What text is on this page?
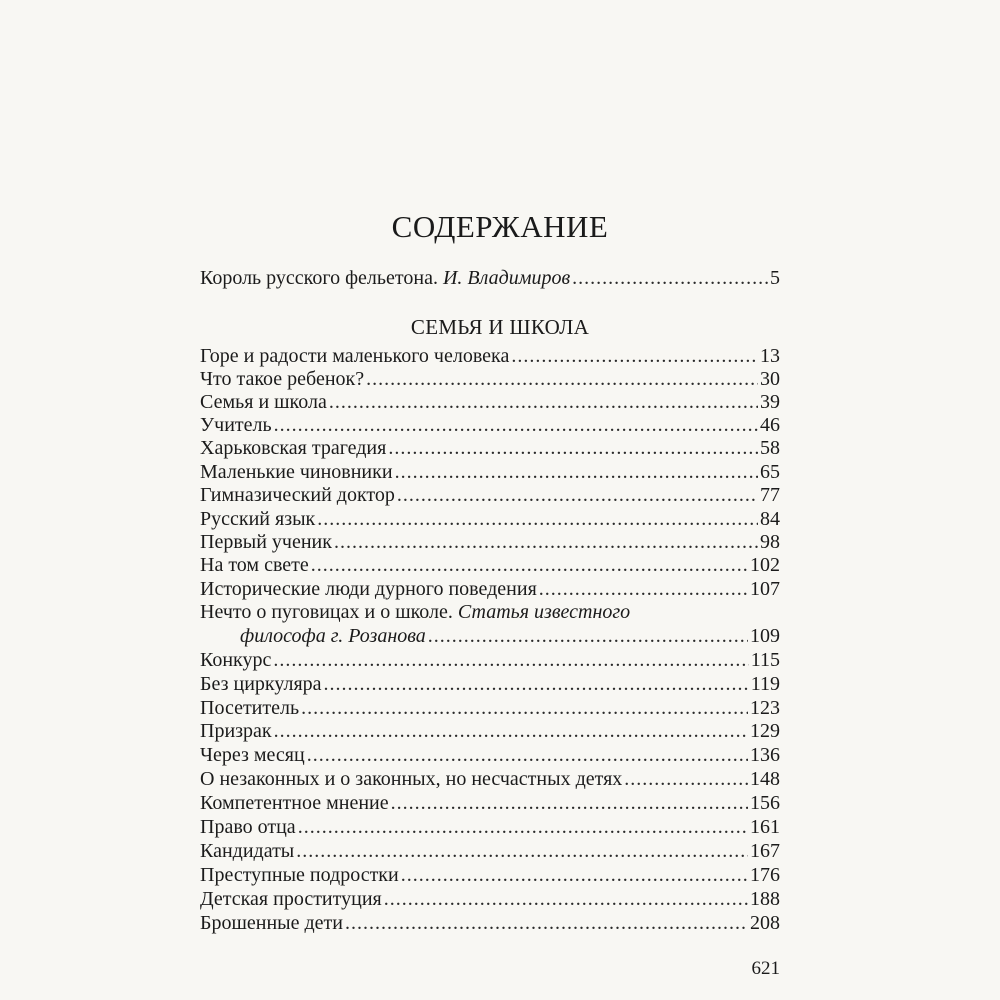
СОДЕРЖАНИЕ
Король русского фельетона. И. Владимиров .....	5
СЕМЬЯ И ШКОЛА
Горе и радости маленького человека .....	13
Что такое ребенок? .....	30
Семья и школа .....	39
Учитель .....	46
Харьковская трагедия .....	58
Маленькие чиновники .....	65
Гимназический доктор .....	77
Русский язык .....	84
Первый ученик .....	98
На том свете .....	102
Исторические люди дурного поведения .....	107
Нечто о пуговицах и о школе. Статья известного
философа г. Розанова .....	109
Конкурс .....	115
Без циркуляра .....	119
Посетитель .....	123
Призрак .....	129
Через месяц .....	136
О незаконных и о законных, но несчастных детях .....	148
Компетентное мнение .....	156
Право отца .....	161
Кандидаты .....	167
Преступные подростки .....	176
Детская проституция .....	188
Брошенные дети .....	208
621
